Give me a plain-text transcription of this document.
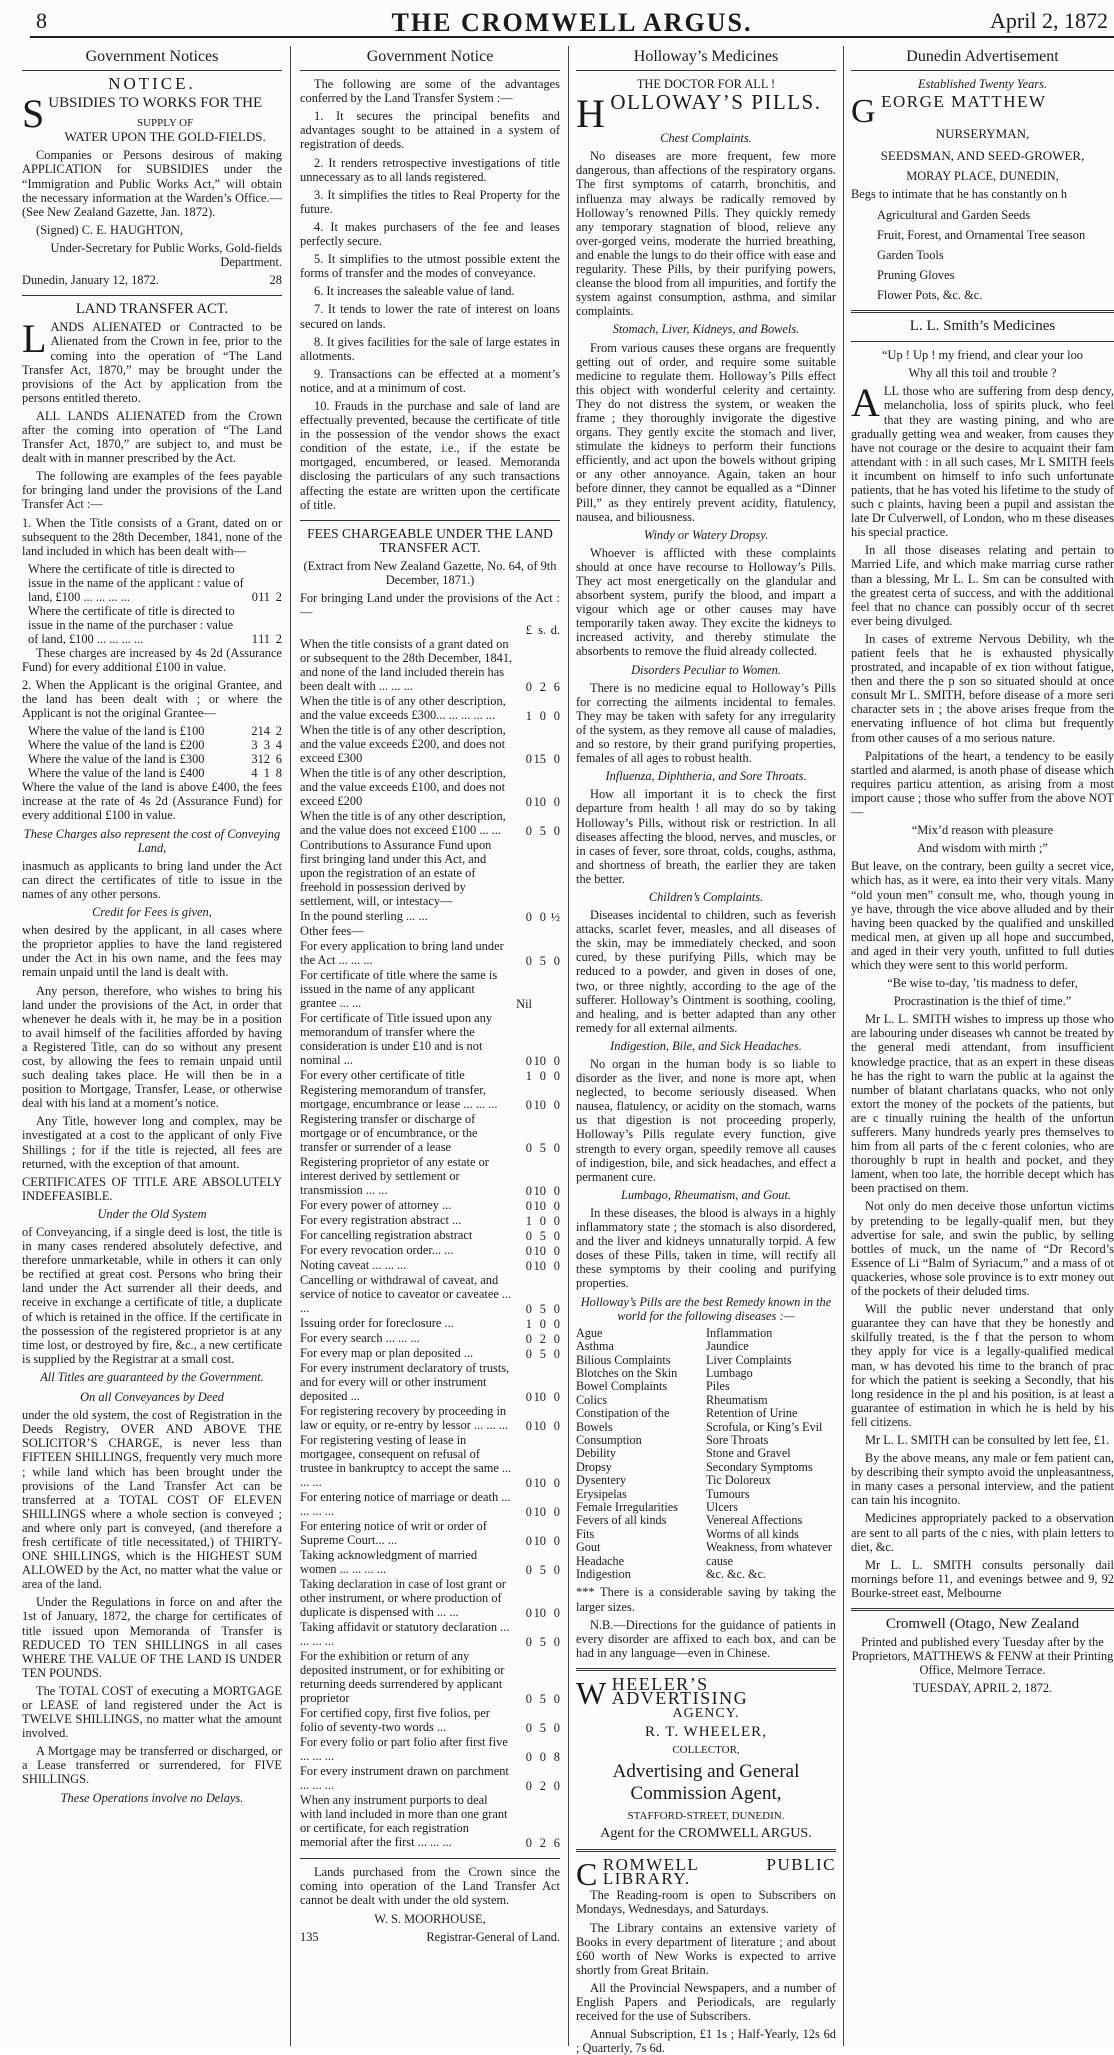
8	THE CROMWELL ARGUS.	April 2, 1872
Government Notices

NOTICE.

SUBSIDIES TO WORKS FOR THE

SUPPLY OF

WATER UPON THE GOLD-FIELDS.

Companies or Persons desirous of making APPLICATION for SUBSIDIES under the “Immigration and Public Works Act,” will obtain the necessary information at the Warden’s Office.—(See New Zealand Gazette, Jan. 1872).

(Signed) C. E. HAUGHTON,

Under-Secretary for Public Works, Gold-fields Department.

Dunedin, January 12, 1872.	28

LAND TRANSFER ACT.

LANDS ALIENATED or Contracted to be Alienated from the Crown in fee, prior to the coming into the operation of “The Land Transfer Act, 1870,” may be brought under the provisions of the Act by application from the persons entitled thereto.

ALL LANDS ALIENATED from the Crown after the coming into operation of “The Land Transfer Act, 1870,” are subject to, and must be dealt with in manner prescribed by the Act.

The following are examples of the fees payable for bringing land under the provisions of the Land Transfer Act :—

1. When the Title consists of a Grant, dated on or subsequent to the 28th December, 1841, none of the land included in which has been dealt with—

Where the certificate of title is directed to issue in the name of the applicant : value of land, £100 ... ... ... ...	0	11	2
Where the certificate of title is directed to issue in the name of the purchaser : value of land, £100 ... ... ... ...	1	11	2

These charges are increased by 4s 2d (Assurance Fund) for every additional £100 in value.

2. When the Applicant is the original Grantee, and the land has been dealt with ; or where the Applicant is not the original Grantee—

Where the value of the land is £100	2	14	2
Where the value of the land is £200	3	3	4
Where the value of the land is £300	3	12	6
Where the value of the land is £400	4	1	8

Where the value of the land is above £400, the fees increase at the rate of 4s 2d (Assurance Fund) for every additional £100 in value.

These Charges also represent the cost of Conveying Land,

inasmuch as applicants to bring land under the Act can direct the certificates of title to issue in the names of any other persons.

Credit for Fees is given,

when desired by the applicant, in all cases where the proprietor applies to have the land registered under the Act in his own name, and the fees may remain unpaid until the land is dealt with.

Any person, therefore, who wishes to bring his land under the provisions of the Act, in order that whenever he deals with it, he may be in a position to avail himself of the facilities afforded by having a Registered Title, can do so without any present cost, by allowing the fees to remain unpaid until such dealing takes place. He will then be in a position to Mortgage, Transfer, Lease, or otherwise deal with his land at a moment’s notice.

Any Title, however long and complex, may be investigated at a cost to the applicant of only Five Shillings ; for if the title is rejected, all fees are returned, with the exception of that amount.

CERTIFICATES OF TITLE ARE ABSOLUTELY INDEFEASIBLE.

Under the Old System

of Conveyancing, if a single deed is lost, the title is in many cases rendered absolutely defective, and therefore unmarketable, while in others it can only be rectified at great cost. Persons who bring their land under the Act surrender all their deeds, and receive in exchange a certificate of title, a duplicate of which is retained in the office. If the certificate in the possession of the registered proprietor is at any time lost, or destroyed by fire, &c., a new certificate is supplied by the Registrar at a small cost.

All Titles are guaranteed by the Government.

On all Conveyances by Deed

under the old system, the cost of Registration in the Deeds Registry, OVER AND ABOVE THE SOLICITOR’S CHARGE, is never less than FIFTEEN SHILLINGS, frequently very much more ; while land which has been brought under the provisions of the Land Transfer Act can be transferred at a TOTAL COST OF ELEVEN SHILLINGS where a whole section is conveyed ; and where only part is conveyed, (and therefore a fresh certificate of title necessitated,) of THIRTY-ONE SHILLINGS, which is the HIGHEST SUM ALLOWED by the Act, no matter what the value or area of the land.

Under the Regulations in force on and after the 1st of January, 1872, the charge for certificates of title issued upon Memoranda of Transfer is REDUCED TO TEN SHILLINGS in all cases WHERE THE VALUE OF THE LAND IS UNDER TEN POUNDS.

The TOTAL COST of executing a MORTGAGE or LEASE of land registered under the Act is TWELVE SHILLINGS, no matter what the amount involved.

A Mortgage may be transferred or discharged, or a Lease transferred or surrendered, for FIVE SHILLINGS.

These Operations involve no Delays.

Government Notice

The following are some of the advantages conferred by the Land Transfer System :—

1. It secures the principal benefits and advantages sought to be attained in a system of registration of deeds.

2. It renders retrospective investigations of title unnecessary as to all lands registered.

3. It simplifies the titles to Real Property for the future.

4. It makes purchasers of the fee and leases perfectly secure.

5. It simplifies to the utmost possible extent the forms of transfer and the modes of conveyance.

6. It increases the saleable value of land.

7. It tends to lower the rate of interest on loans secured on lands.

8. It gives facilities for the sale of large estates in allotments.

9. Transactions can be effected at a moment’s notice, and at a minimum of cost.

10. Frauds in the purchase and sale of land are effectually prevented, because the certificate of title in the possession of the vendor shows the exact condition of the estate, i.e., if the estate be mortgaged, encumbered, or leased. Memoranda disclosing the particulars of any such transactions affecting the estate are written upon the certificate of title.

FEES CHARGEABLE UNDER THE LAND TRANSFER ACT.

(Extract from New Zealand Gazette, No. 64, of 9th December, 1871.)

For bringing Land under the provisions of the Act :—

	£	s.	d.
When the title consists of a grant dated on or subsequent to the 28th December, 1841, and none of the land included therein has been dealt with ... ... ...	0	2	6
When the title is of any other description, and the value exceeds £300... ... ... ... ...	1	0	0
When the title is of any other description, and the value exceeds £200, and does not exceed £300	0	15	0
When the title is of any other description, and the value exceeds £100, and does not exceed £200	0	10	0
When the title is of any other description, and the value does not exceed £100 ... ...	0	5	0
Contributions to Assurance Fund upon first bringing land under this Act, and upon the registration of an estate of freehold in possession derived by settlement, will, or intestacy—			
In the pound sterling ... ...	0	0	½
Other fees—			
For every application to bring land under the Act ... ... ...	0	5	0
For certificate of title where the same is issued in the name of any applicant grantee ... ...	Nil		
For certificate of Title issued upon any memorandum of transfer where the consideration is under £10 and is not nominal ...	0	10	0
For every other certificate of title	1	0	0
Registering memorandum of transfer, mortgage, encumbrance or lease ... ... ...	0	10	0
Registering transfer or discharge of mortgage or of encumbrance, or the transfer or surrender of a lease	0	5	0
Registering proprietor of any estate or interest derived by settlement or transmission ... ...	0	10	0
For every power of attorney ...	0	10	0
For every registration abstract ...	1	0	0
For cancelling registration abstract	0	5	0
For every revocation order... ...	0	10	0
Noting caveat ... ... ...	0	10	0
Cancelling or withdrawal of caveat, and service of notice to caveator or caveatee ... ...	0	5	0
Issuing order for foreclosure ...	1	0	0
For every search ... ... ...	0	2	0
For every map or plan deposited ...	0	5	0
For every instrument declaratory of trusts, and for every will or other instrument deposited ...	0	10	0
For registering recovery by proceeding in law or equity, or re-entry by lessor ... ... ...	0	10	0
For registering vesting of lease in mortgagee, consequent on refusal of trustee in bankruptcy to accept the same ... ... ...	0	10	0
For entering notice of marriage or death ... ... ... ...	0	10	0
For entering notice of writ or order of Supreme Court... ...	0	10	0
Taking acknowledgment of married women ... ... ... ...	0	5	0
Taking declaration in case of lost grant or other instrument, or where production of duplicate is dispensed with ... ...	0	10	0
Taking affidavit or statutory declaration ... ... ... ...	0	5	0
For the exhibition or return of any deposited instrument, or for exhibiting or returning deeds surrendered by applicant proprietor	0	5	0
For certified copy, first five folios, per folio of seventy-two words ...	0	5	0
For every folio or part folio after first five ... ... ...	0	0	8
For every instrument drawn on parchment ... ... ...	0	2	0
When any instrument purports to deal with land included in more than one grant or certificate, for each registration memorial after the first ... ... ...	0	2	6

Lands purchased from the Crown since the coming into operation of the Land Transfer Act cannot be dealt with under the old system.

W. S. MOORHOUSE,

135	Registrar-General of Land.

Holloway’s Medicines

THE DOCTOR FOR ALL !

HOLLOWAY’S PILLS.

Chest Complaints.

No diseases are more frequent, few more dangerous, than affections of the respiratory organs. The first symptoms of catarrh, bronchitis, and influenza may always be radically removed by Holloway’s renowned Pills. They quickly remedy any temporary stagnation of blood, relieve any over-gorged veins, moderate the hurried breathing, and enable the lungs to do their office with ease and regularity. These Pills, by their purifying powers, cleanse the blood from all impurities, and fortify the system against consumption, asthma, and similar complaints.

Stomach, Liver, Kidneys, and Bowels.

From various causes these organs are frequently getting out of order, and require some suitable medicine to regulate them. Holloway’s Pills effect this object with wonderful celerity and certainty. They do not distress the system, or weaken the frame ; they thoroughly invigorate the digestive organs. They gently excite the stomach and liver, stimulate the kidneys to perform their functions efficiently, and act upon the bowels without griping or any other annoyance. Again, taken an hour before dinner, they cannot be equalled as a “Dinner Pill,” as they entirely prevent acidity, flatulency, nausea, and biliousness.

Windy or Watery Dropsy.

Whoever is afflicted with these complaints should at once have recourse to Holloway’s Pills. They act most energetically on the glandular and absorbent system, purify the blood, and impart a vigour which age or other causes may have temporarily taken away. They excite the kidneys to increased activity, and thereby stimulate the absorbents to remove the fluid already collected.

Disorders Peculiar to Women.

There is no medicine equal to Holloway’s Pills for correcting the ailments incidental to females. They may be taken with safety for any irregularity of the system, as they remove all cause of maladies, and so restore, by their grand purifying properties, females of all ages to robust health.

Influenza, Diphtheria, and Sore Throats.

How all important it is to check the first departure from health ! all may do so by taking Holloway’s Pills, without risk or restriction. In all diseases affecting the blood, nerves, and muscles, or in cases of fever, sore throat, colds, coughs, asthma, and shortness of breath, the earlier they are taken the better.

Children’s Complaints.

Diseases incidental to children, such as feverish attacks, scarlet fever, measles, and all diseases of the skin, may be immediately checked, and soon cured, by these purifying Pills, which may be reduced to a powder, and given in doses of one, two, or three nightly, according to the age of the sufferer. Holloway’s Ointment is soothing, cooling, and healing, and is better adapted than any other remedy for all external ailments.

Indigestion, Bile, and Sick Headaches.

No organ in the human body is so liable to disorder as the liver, and none is more apt, when neglected, to become seriously diseased. When nausea, flatulency, or acidity on the stomach, warns us that digestion is not proceeding properly, Holloway’s Pills regulate every function, give strength to every organ, speedily remove all causes of indigestion, bile, and sick headaches, and effect a permanent cure.

Lumbago, Rheumatism, and Gout.

In these diseases, the blood is always in a highly inflammatory state ; the stomach is also disordered, and the liver and kidneys unnaturally torpid. A few doses of these Pills, taken in time, will rectify all these symptoms by their cooling and purifying properties.

Holloway’s Pills are the best Remedy known in the world for the following diseases :—

Ague
Asthma
Bilious Complaints
Blotches on the Skin
Bowel Complaints
Colics
Constipation of the Bowels
Consumption
Debility
Dropsy
Dysentery
Erysipelas
Female Irregularities
Fevers of all kinds
Fits
Gout
Headache
Indigestion

Inflammation
Jaundice
Liver Complaints
Lumbago
Piles
Rheumatism
Retention of Urine
Scrofula, or King’s Evil
Sore Throats
Stone and Gravel
Secondary Symptoms
Tic Doloreux
Tumours
Ulcers
Venereal Affections
Worms of all kinds
Weakness, from whatever cause
&c. &c. &c.

*** There is a considerable saving by taking the larger sizes.

N.B.—Directions for the guidance of patients in every disorder are affixed to each box, and can be had in any language—even in Chinese.

WHEELER’S ADVERTISING

AGENCY.

R. T. WHEELER,

COLLECTOR,

Advertising and General Commission Agent,

STAFFORD-STREET, DUNEDIN.

Agent for the CROMWELL ARGUS.

CROMWELL PUBLIC LIBRARY.

The Reading-room is open to Subscribers on Mondays, Wednesdays, and Saturdays.

The Library contains an extensive variety of Books in every department of literature ; and about £60 worth of New Works is expected to arrive shortly from Great Britain.

All the Provincial Newspapers, and a number of English Papers and Periodicals, are regularly received for the use of Subscribers.

Annual Subscription, £1 1s ; Half-Yearly, 12s 6d ; Quarterly, 7s 6d.

Dunedin Advertisement

Established Twenty Years.

GEORGE MATTHEW

NURSERYMAN,

SEEDSMAN, AND SEED-GROWER,

MORAY PLACE, DUNEDIN,

Begs to intimate that he has constantly on h

Agricultural and Garden Seeds

Fruit, Forest, and Ornamental Tree season

Garden Tools

Pruning Gloves

Flower Pots, &c. &c.

L. L. Smith’s Medicines

“Up ! Up ! my friend, and clear your loo

Why all this toil and trouble ?

ALL those who are suffering from desp dency, melancholia, loss of spirits pluck, who feel that they are wasting pining, and who are gradually getting wea and weaker, from causes they have not courage or the desire to acquaint their fam attendant with : in all such cases, Mr L SMITH feels it incumbent on himself to info such unfortunate patients, that he has voted his lifetime to the study of such c plaints, having been a pupil and assistan the late Dr Culverwell, of London, who m these diseases his special practice.

In all those diseases relating and pertain to Married Life, and which make marriag curse rather than a blessing, Mr L. L. Sm can be consulted with the greatest certa of success, and with the additional feel that no chance can possibly occur of th secret ever being divulged.

In cases of extreme Nervous Debility, wh the patient feels that he is exhausted physically prostrated, and incapable of ex tion without fatigue, then and there the p son so situated should at once consult Mr L. SMITH, before disease of a more seri character sets in ; the above arises freque from the enervating influence of hot clima but frequently from other causes of a mo serious nature.

Palpitations of the heart, a tendency to be easily startled and alarmed, is anoth phase of disease which requires particu attention, as arising from a most import cause ; those who suffer from the above NOT—

“Mix’d reason with pleasure

And wisdom with mirth ;”

But leave, on the contrary, been guilty a secret vice, which has, as it were, ea into their very vitals. Many “old youn men” consult me, who, though young in ye have, through the vice above alluded and by their having been quacked by the qualified and unskilled medical men, at given up all hope and succumbed, and aged in their very youth, unfitted to full duties which they were sent to this world perform.

“Be wise to-day, ’tis madness to defer,

Procrastination is the thief of time.”

Mr L. L. SMITH wishes to impress up those who are labouring under diseases wh cannot be treated by the general medi attendant, from insufficient knowledge practice, that as an expert in these diseas he has the right to warn the public at la against the number of blatant charlatans quacks, who not only extort the money of the pockets of the patients, but are c tinually ruining the health of the unfortun sufferers. Many hundreds yearly pres themselves to him from all parts of the c ferent colonies, who are thoroughly b rupt in health and pocket, and they lament, when too late, the horrible decept which has been practised on them.

Not only do men deceive those unfortun victims by pretending to be legally-qualif men, but they advertise for sale, and swin the public, by selling bottles of muck, un the name of “Dr Record’s Essence of Li “Balm of Syriacum,” and a mass of ot quackeries, whose sole province is to extr money out of the pockets of their deluded tims.

Will the public never understand that only guarantee they can have that they be honestly and skilfully treated, is the f that the person to whom they apply for vice is a legally-qualified medical man, w has devoted his time to the branch of prac for which the patient is seeking a Secondly, that his long residence in the pl and his position, is at least a guarantee of estimation in which he is held by his fell citizens.

Mr L. L. SMITH can be consulted by lett fee, £1.

By the above means, any male or fem patient can, by describing their sympto avoid the unpleasantness, in many cases a personal interview, and the patient can tain his incognito.

Medicines appropriately packed to a observation are sent to all parts of the c nies, with plain letters to diet, &c.

Mr L. L. SMITH consults personally dail mornings before 11, and evenings betwee and 9, 92 Bourke-street east, Melbourne

Cromwell (Otago, New Zealand

Printed and published every Tuesday after by the Proprietors, MATTHEWS & FENW at their Printing Office, Melmore Terrace.

TUESDAY, APRIL 2, 1872.
